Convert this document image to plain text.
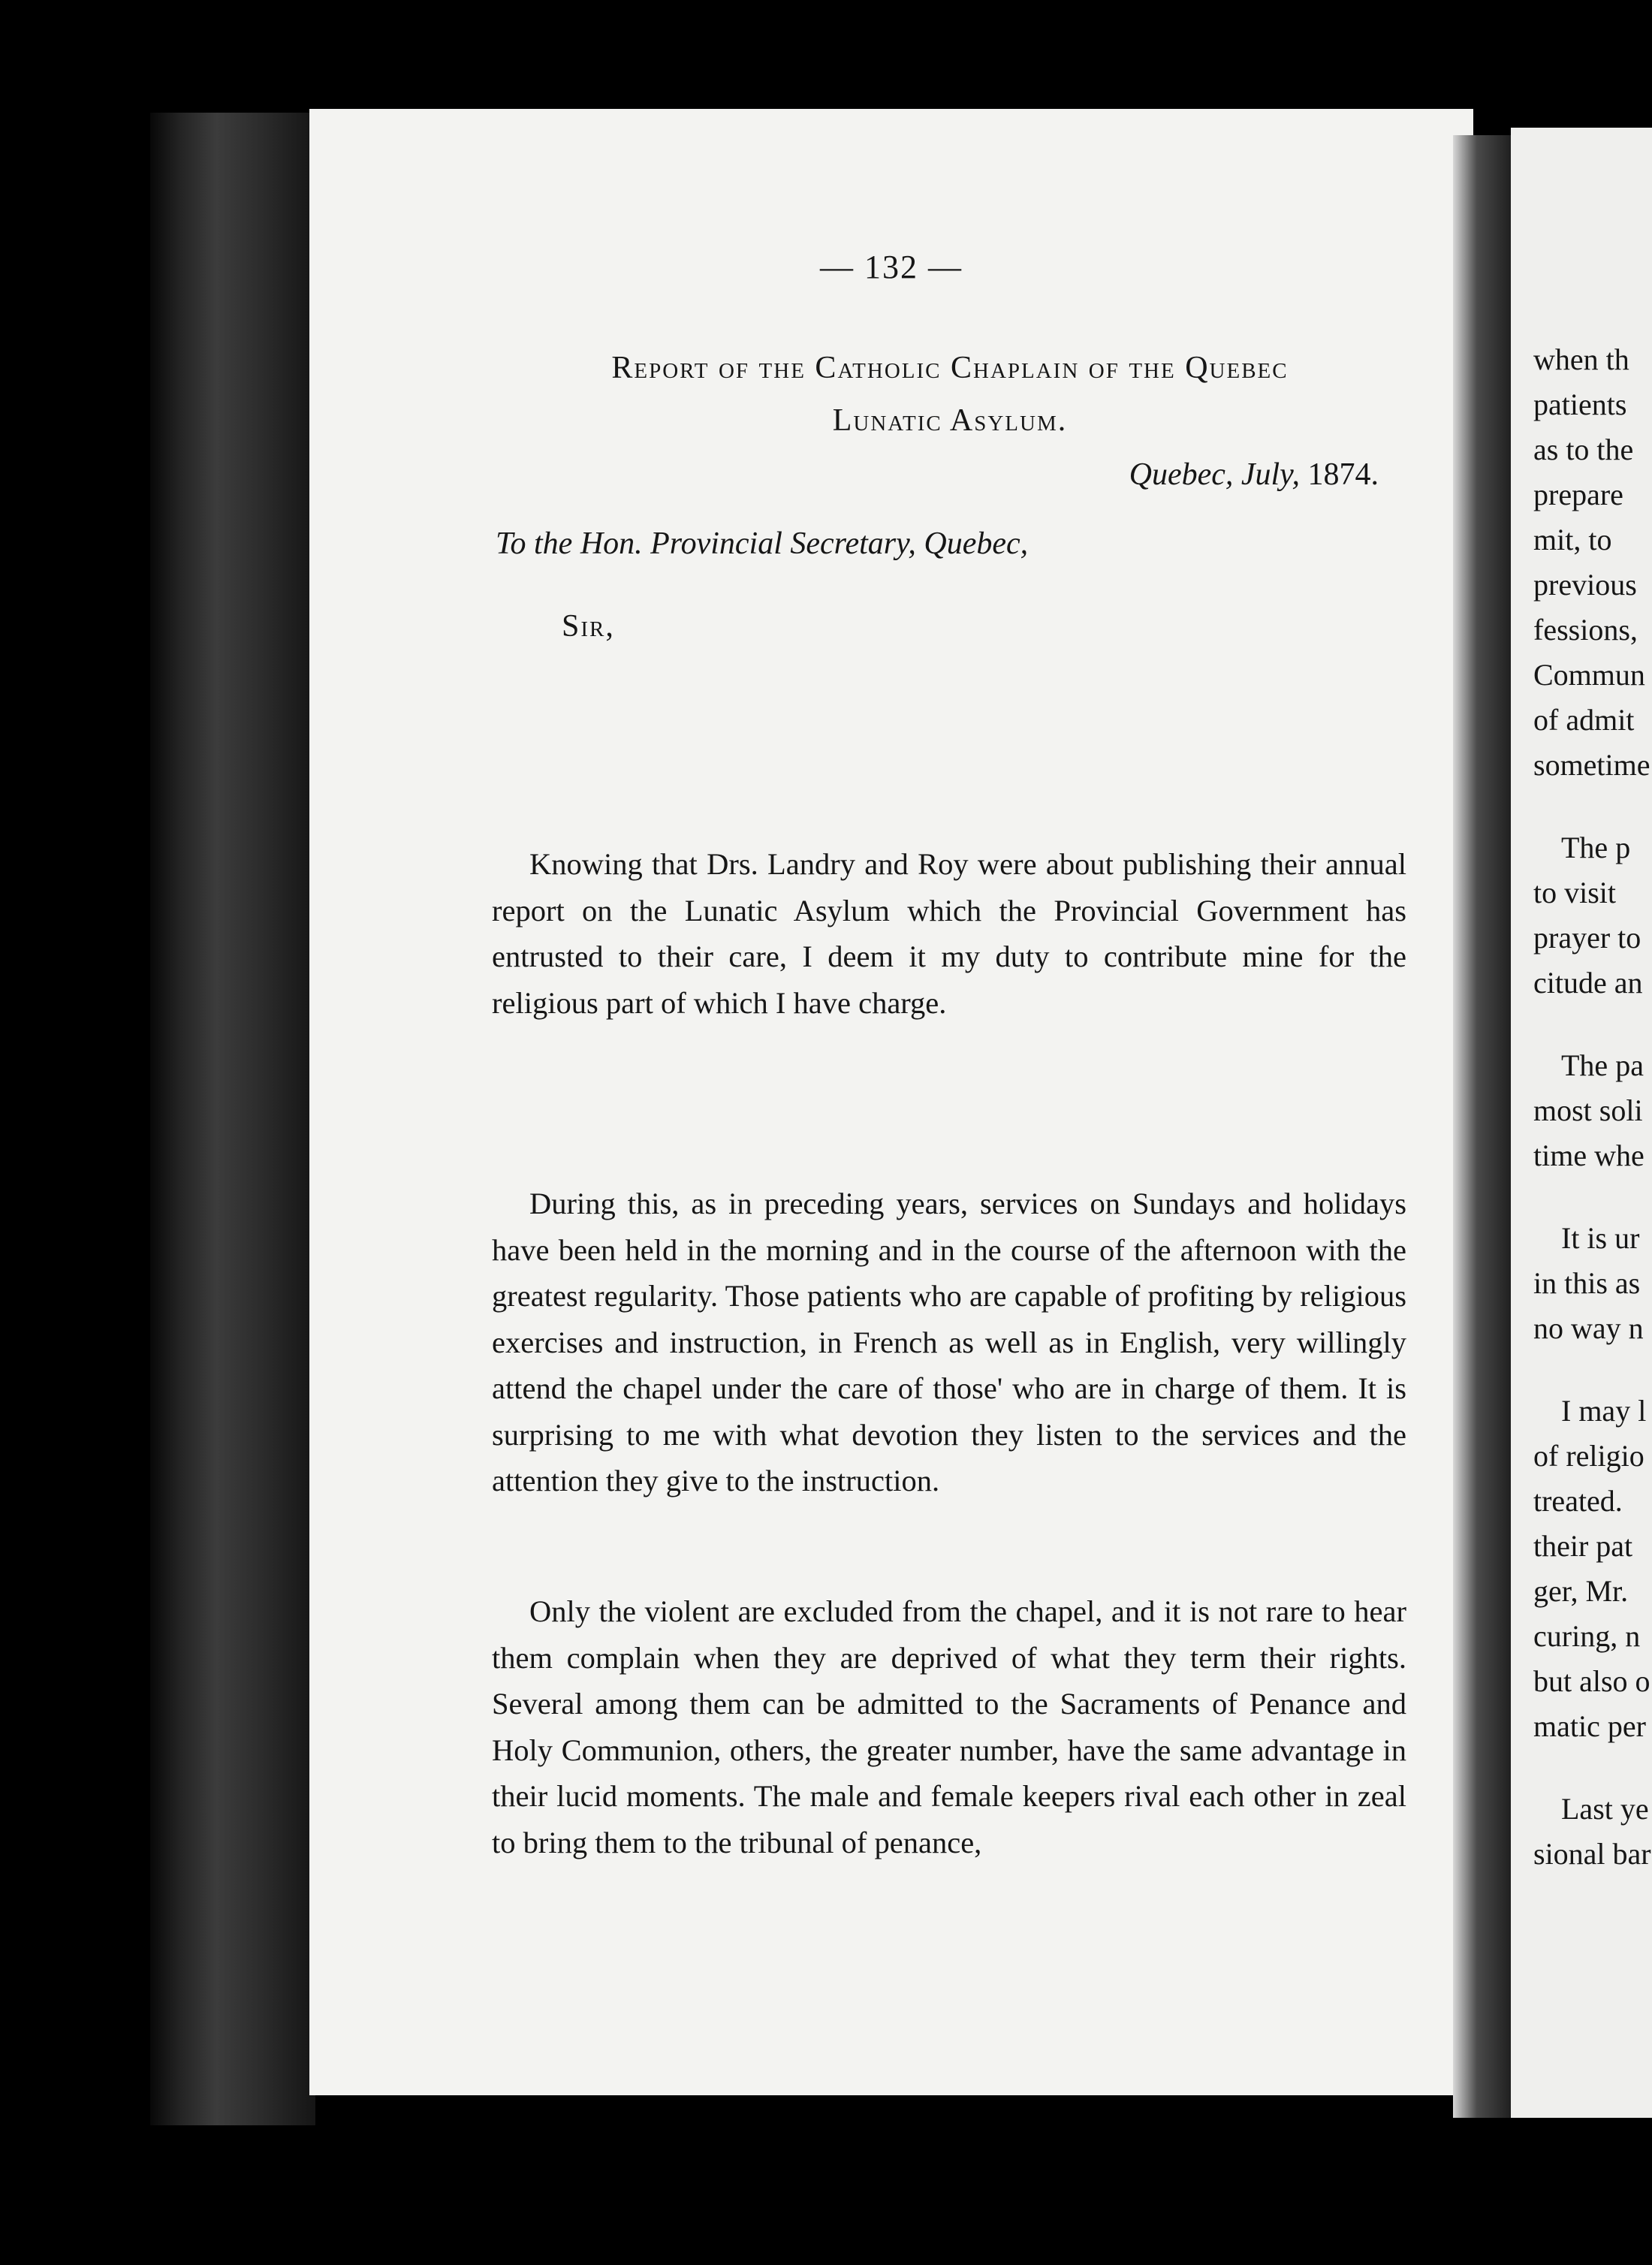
when th
patients
as to the
prepare
mit, to
previous
fessions,
Commun
of admit
sometime
The p
to visit
prayer to
citude an
The pa
most soli
time whe
It is ur
in this as
no way n
I may l
of religio
treated.
their pat
ger, Mr.
curing, n
but also o
matic per
Last ye
sional bar
— 132 —
Report of the Catholic Chaplain of the Quebec
Lunatic Asylum.
Quebec, July, 1874.
To the Hon. Provincial Secretary, Quebec,
Sir,

Knowing that Drs. Landry and Roy were about publishing their annual report on the Lunatic Asylum which the Provincial Government has entrusted to their care, I deem it my duty to contribute mine for the religious part of which I have charge.

During this, as in preceding years, services on Sundays and holidays have been held in the morning and in the course of the afternoon with the greatest regularity. Those patients who are capable of profiting by religious exercises and instruction, in French as well as in English, very willingly attend the chapel under the care of those' who are in charge of them. It is surprising to me with what devotion they listen to the services and the attention they give to the instruction.

Only the violent are excluded from the chapel, and it is not rare to hear them complain when they are deprived of what they term their rights. Several among them can be admitted to the Sacraments of Penance and Holy Communion, others, the greater number, have the same advantage in their lucid moments. The male and female keepers rival each other in zeal to bring them to the tribunal of penance,
